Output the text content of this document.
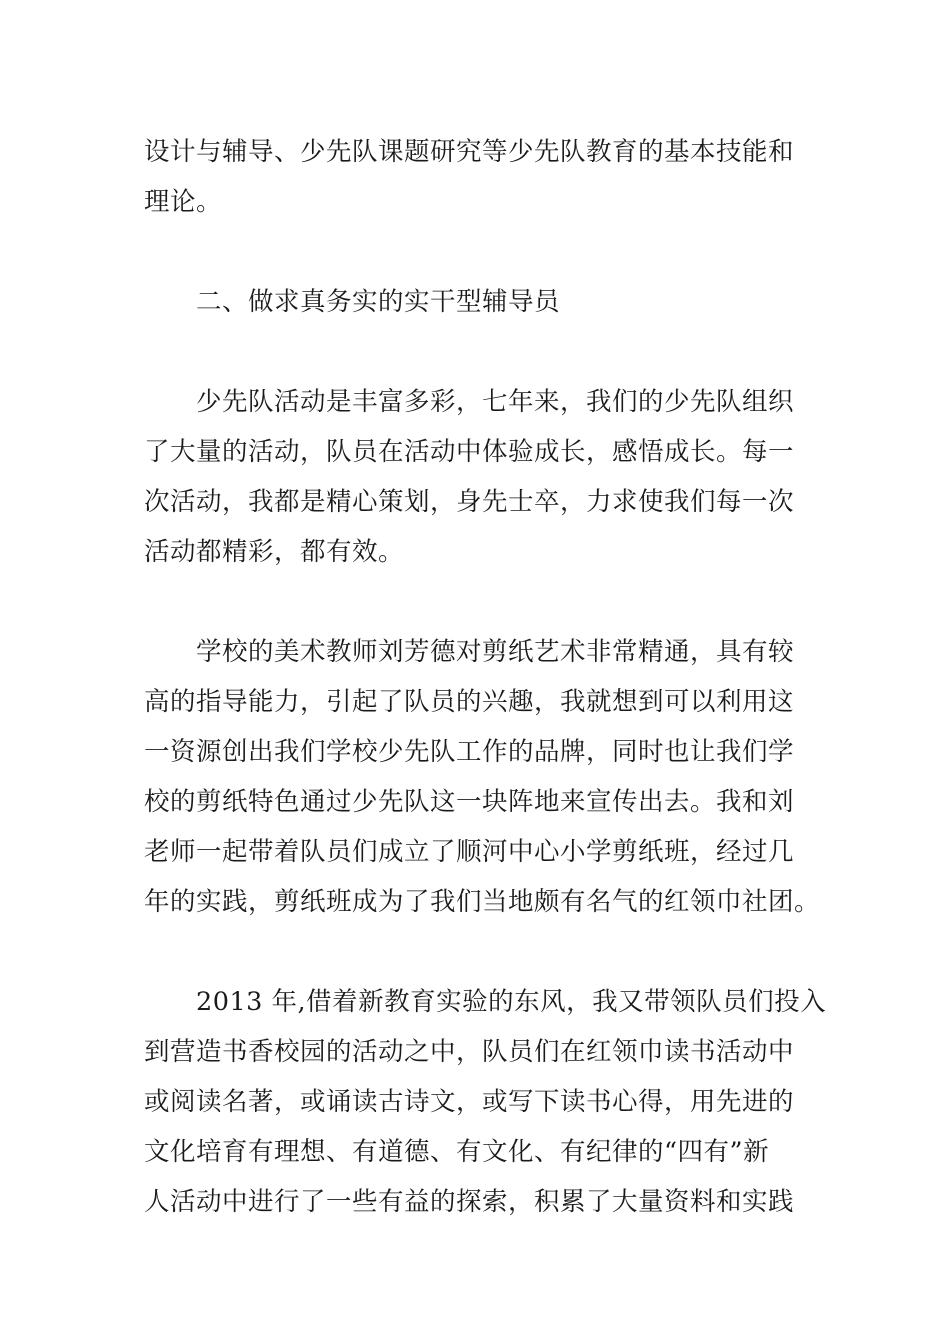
设计与辅导、少先队课题研究等少先队教育的基本技能和
理论。
二、做求真务实的实干型辅导员
少先队活动是丰富多彩，七年来，我们的少先队组织
了大量的活动，队员在活动中体验成长，感悟成长。每一
次活动，我都是精心策划，身先士卒，力求使我们每一次
活动都精彩，都有效。
学校的美术教师刘芳德对剪纸艺术非常精通，具有较
高的指导能力，引起了队员的兴趣，我就想到可以利用这
一资源创出我们学校少先队工作的品牌，同时也让我们学
校的剪纸特色通过少先队这一块阵地来宣传出去。我和刘
老师一起带着队员们成立了顺河中心小学剪纸班，经过几
年的实践，剪纸班成为了我们当地颇有名气的红领巾社团。
2013 年,借着新教育实验的东风，我又带领队员们投入
到营造书香校园的活动之中，队员们在红领巾读书活动中
或阅读名著，或诵读古诗文，或写下读书心得，用先进的
文化培育有理想、有道德、有文化、有纪律的“四有”新
人活动中进行了一些有益的探索，积累了大量资料和实践
